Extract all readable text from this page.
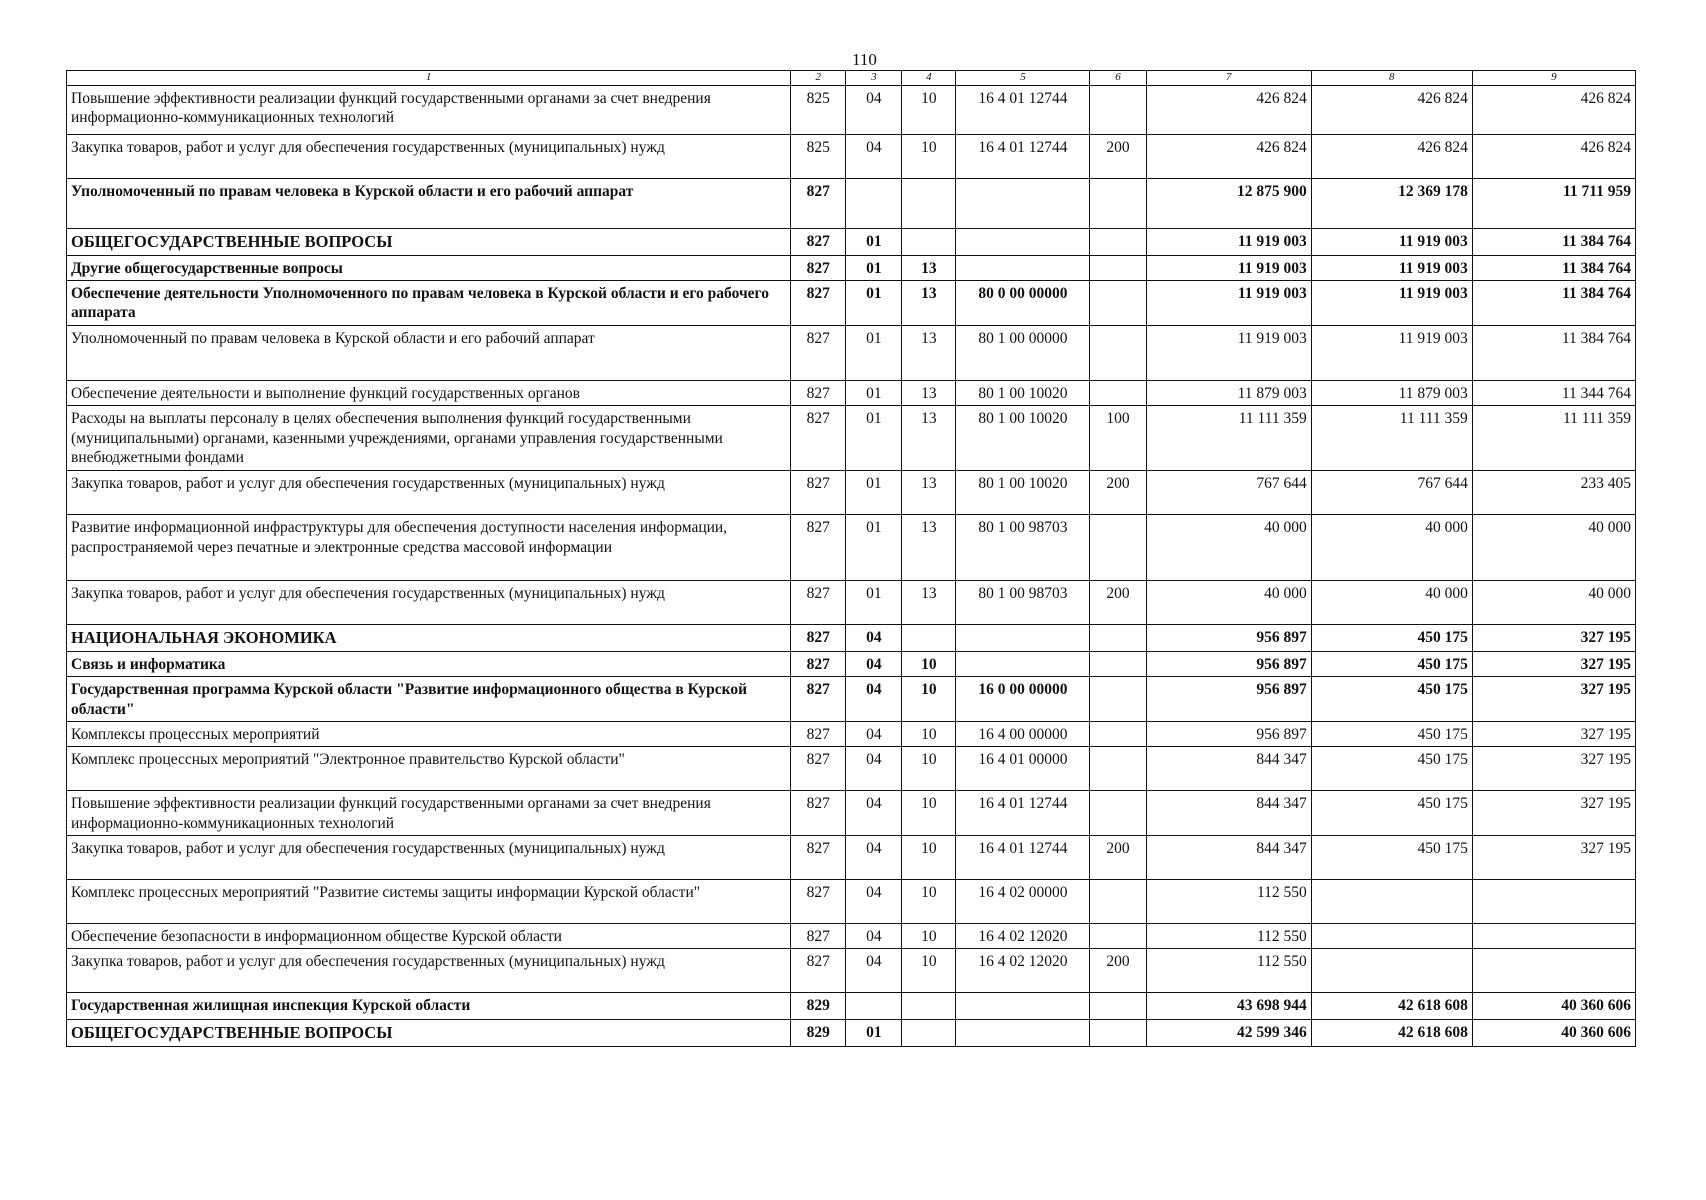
110
1	2	3	4	5	6	7	8	9
Повышение эффективности реализации функций государственными органами за счет внедрения информационно-коммуникационных технологий	825	04	10	16 4 01 12744		426 824	426 824	426 824
Закупка товаров, работ и услуг для обеспечения государственных (муниципальных) нужд	825	04	10	16 4 01 12744	200	426 824	426 824	426 824
Уполномоченный по правам человека в Курской области и его рабочий аппарат	827					12 875 900	12 369 178	11 711 959
ОБЩЕГОСУДАРСТВЕННЫЕ ВОПРОСЫ	827	01				11 919 003	11 919 003	11 384 764
Другие общегосударственные вопросы	827	01	13			11 919 003	11 919 003	11 384 764
Обеспечение деятельности Уполномоченного по правам человека в Курской области и его рабочего аппарата	827	01	13	80 0 00 00000		11 919 003	11 919 003	11 384 764
Уполномоченный по правам человека в Курской области и его рабочий аппарат	827	01	13	80 1 00 00000		11 919 003	11 919 003	11 384 764
Обеспечение деятельности и выполнение функций государственных органов	827	01	13	80 1 00 10020		11 879 003	11 879 003	11 344 764
Расходы на выплаты персоналу в целях обеспечения выполнения функций государственными (муниципальными) органами, казенными учреждениями, органами управления государственными внебюджетными фондами	827	01	13	80 1 00 10020	100	11 111 359	11 111 359	11 111 359
Закупка товаров, работ и услуг для обеспечения государственных (муниципальных) нужд	827	01	13	80 1 00 10020	200	767 644	767 644	233 405
Развитие информационной инфраструктуры для обеспечения доступности населения информации, распространяемой через печатные и электронные средства массовой информации	827	01	13	80 1 00 98703		40 000	40 000	40 000
Закупка товаров, работ и услуг для обеспечения государственных (муниципальных) нужд	827	01	13	80 1 00 98703	200	40 000	40 000	40 000
НАЦИОНАЛЬНАЯ ЭКОНОМИКА	827	04				956 897	450 175	327 195
Связь и информатика	827	04	10			956 897	450 175	327 195
Государственная программа Курской области "Развитие информационного общества в Курской области"	827	04	10	16 0 00 00000		956 897	450 175	327 195
Комплексы процессных мероприятий	827	04	10	16 4 00 00000		956 897	450 175	327 195
Комплекс процессных мероприятий "Электронное правительство Курской области"	827	04	10	16 4 01 00000		844 347	450 175	327 195
Повышение эффективности реализации функций государственными органами за счет внедрения информационно-коммуникационных технологий	827	04	10	16 4 01 12744		844 347	450 175	327 195
Закупка товаров, работ и услуг для обеспечения государственных (муниципальных) нужд	827	04	10	16 4 01 12744	200	844 347	450 175	327 195
Комплекс процессных мероприятий "Развитие системы защиты информации Курской области"	827	04	10	16 4 02 00000		112 550		
Обеспечение безопасности в информационном обществе Курской области	827	04	10	16 4 02 12020		112 550		
Закупка товаров, работ и услуг для обеспечения государственных (муниципальных) нужд	827	04	10	16 4 02 12020	200	112 550		
Государственная жилищная инспекция Курской области	829					43 698 944	42 618 608	40 360 606
ОБЩЕГОСУДАРСТВЕННЫЕ ВОПРОСЫ	829	01				42 599 346	42 618 608	40 360 606
